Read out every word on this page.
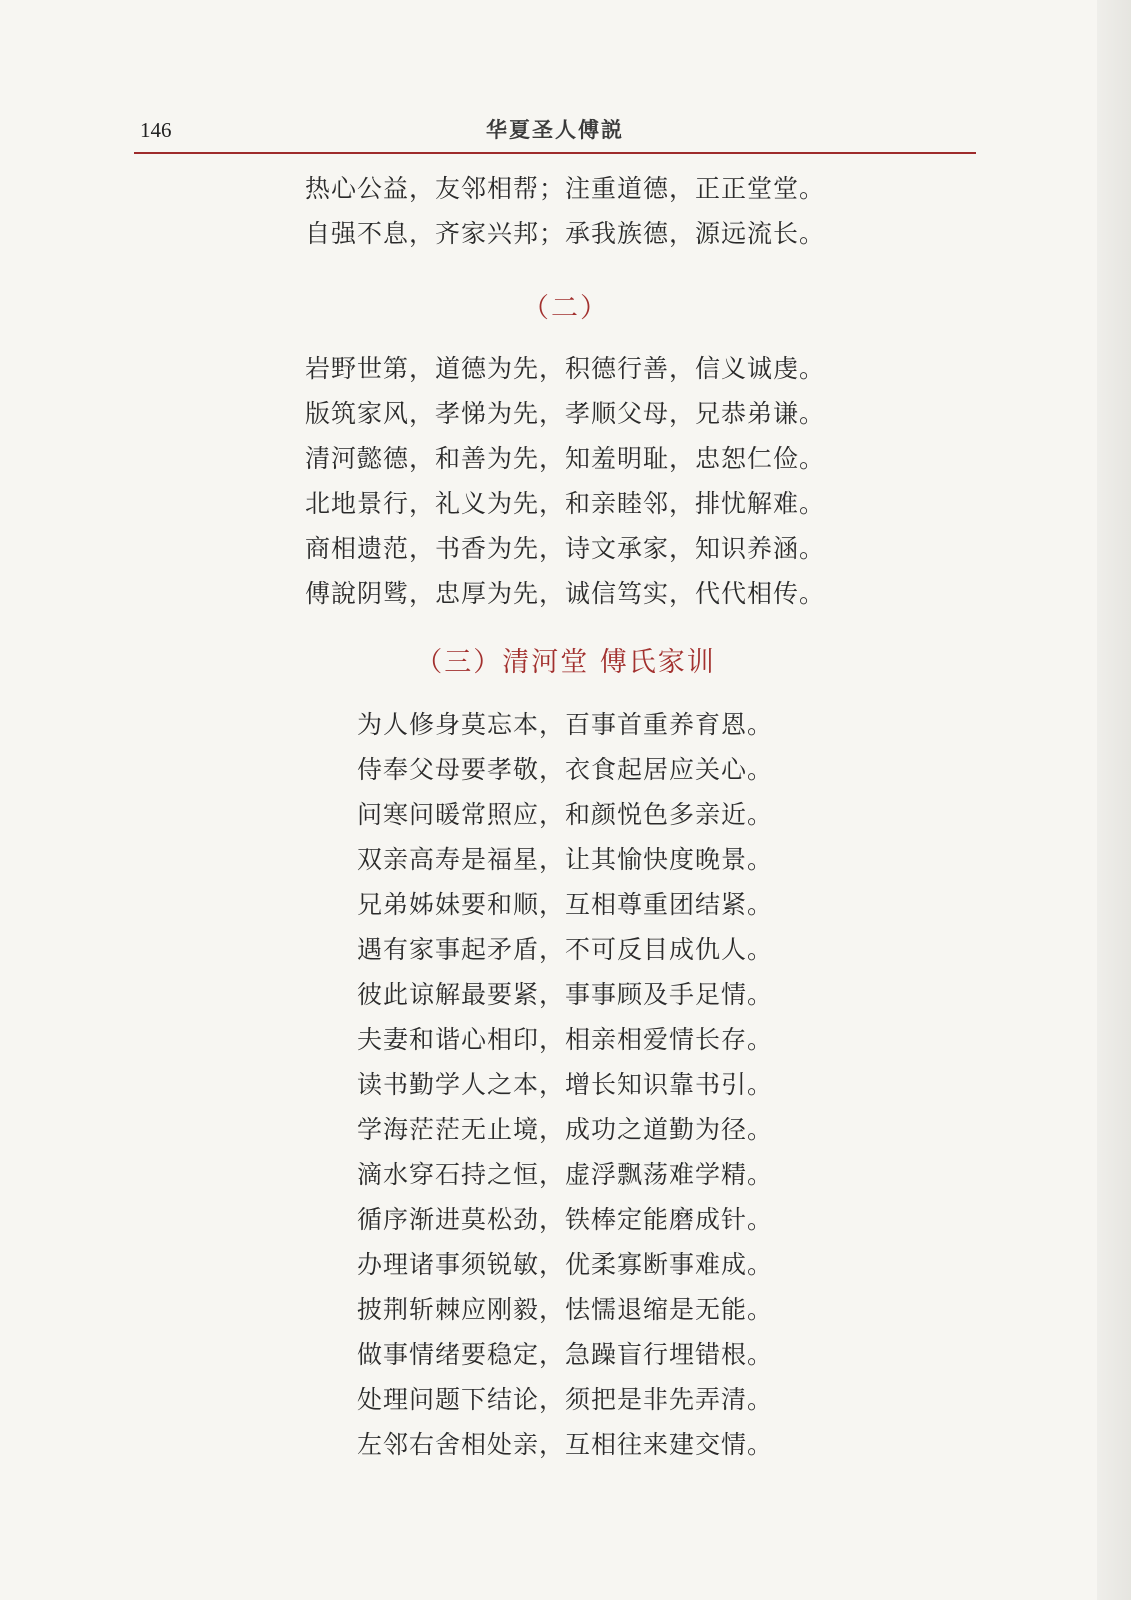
146	华夏圣人傅説
热心公益，友邻相帮；注重道德，正正堂堂。
自强不息，齐家兴邦；承我族德，源远流长。
（二）
岩野世第，道德为先，积德行善，信义诚虔。
版筑家风，孝悌为先，孝顺父母，兄恭弟谦。
清河懿德，和善为先，知羞明耻，忠恕仁俭。
北地景行，礼义为先，和亲睦邻，排忧解难。
商相遗范，书香为先，诗文承家，知识养涵。
傅說阴骘，忠厚为先，诚信笃实，代代相传。
（三）清河堂 傅氏家训
为人修身莫忘本，百事首重养育恩。
侍奉父母要孝敬，衣食起居应关心。
问寒问暖常照应，和颜悦色多亲近。
双亲高寿是福星，让其愉快度晚景。
兄弟姊妹要和顺，互相尊重团结紧。
遇有家事起矛盾，不可反目成仇人。
彼此谅解最要紧，事事顾及手足情。
夫妻和谐心相印，相亲相爱情长存。
读书勤学人之本，增长知识靠书引。
学海茫茫无止境，成功之道勤为径。
滴水穿石持之恒，虚浮飘荡难学精。
循序渐进莫松劲，铁棒定能磨成针。
办理诸事须锐敏，优柔寡断事难成。
披荆斩棘应刚毅，怯懦退缩是无能。
做事情绪要稳定，急躁盲行埋错根。
处理问题下结论，须把是非先弄清。
左邻右舍相处亲，互相往来建交情。
